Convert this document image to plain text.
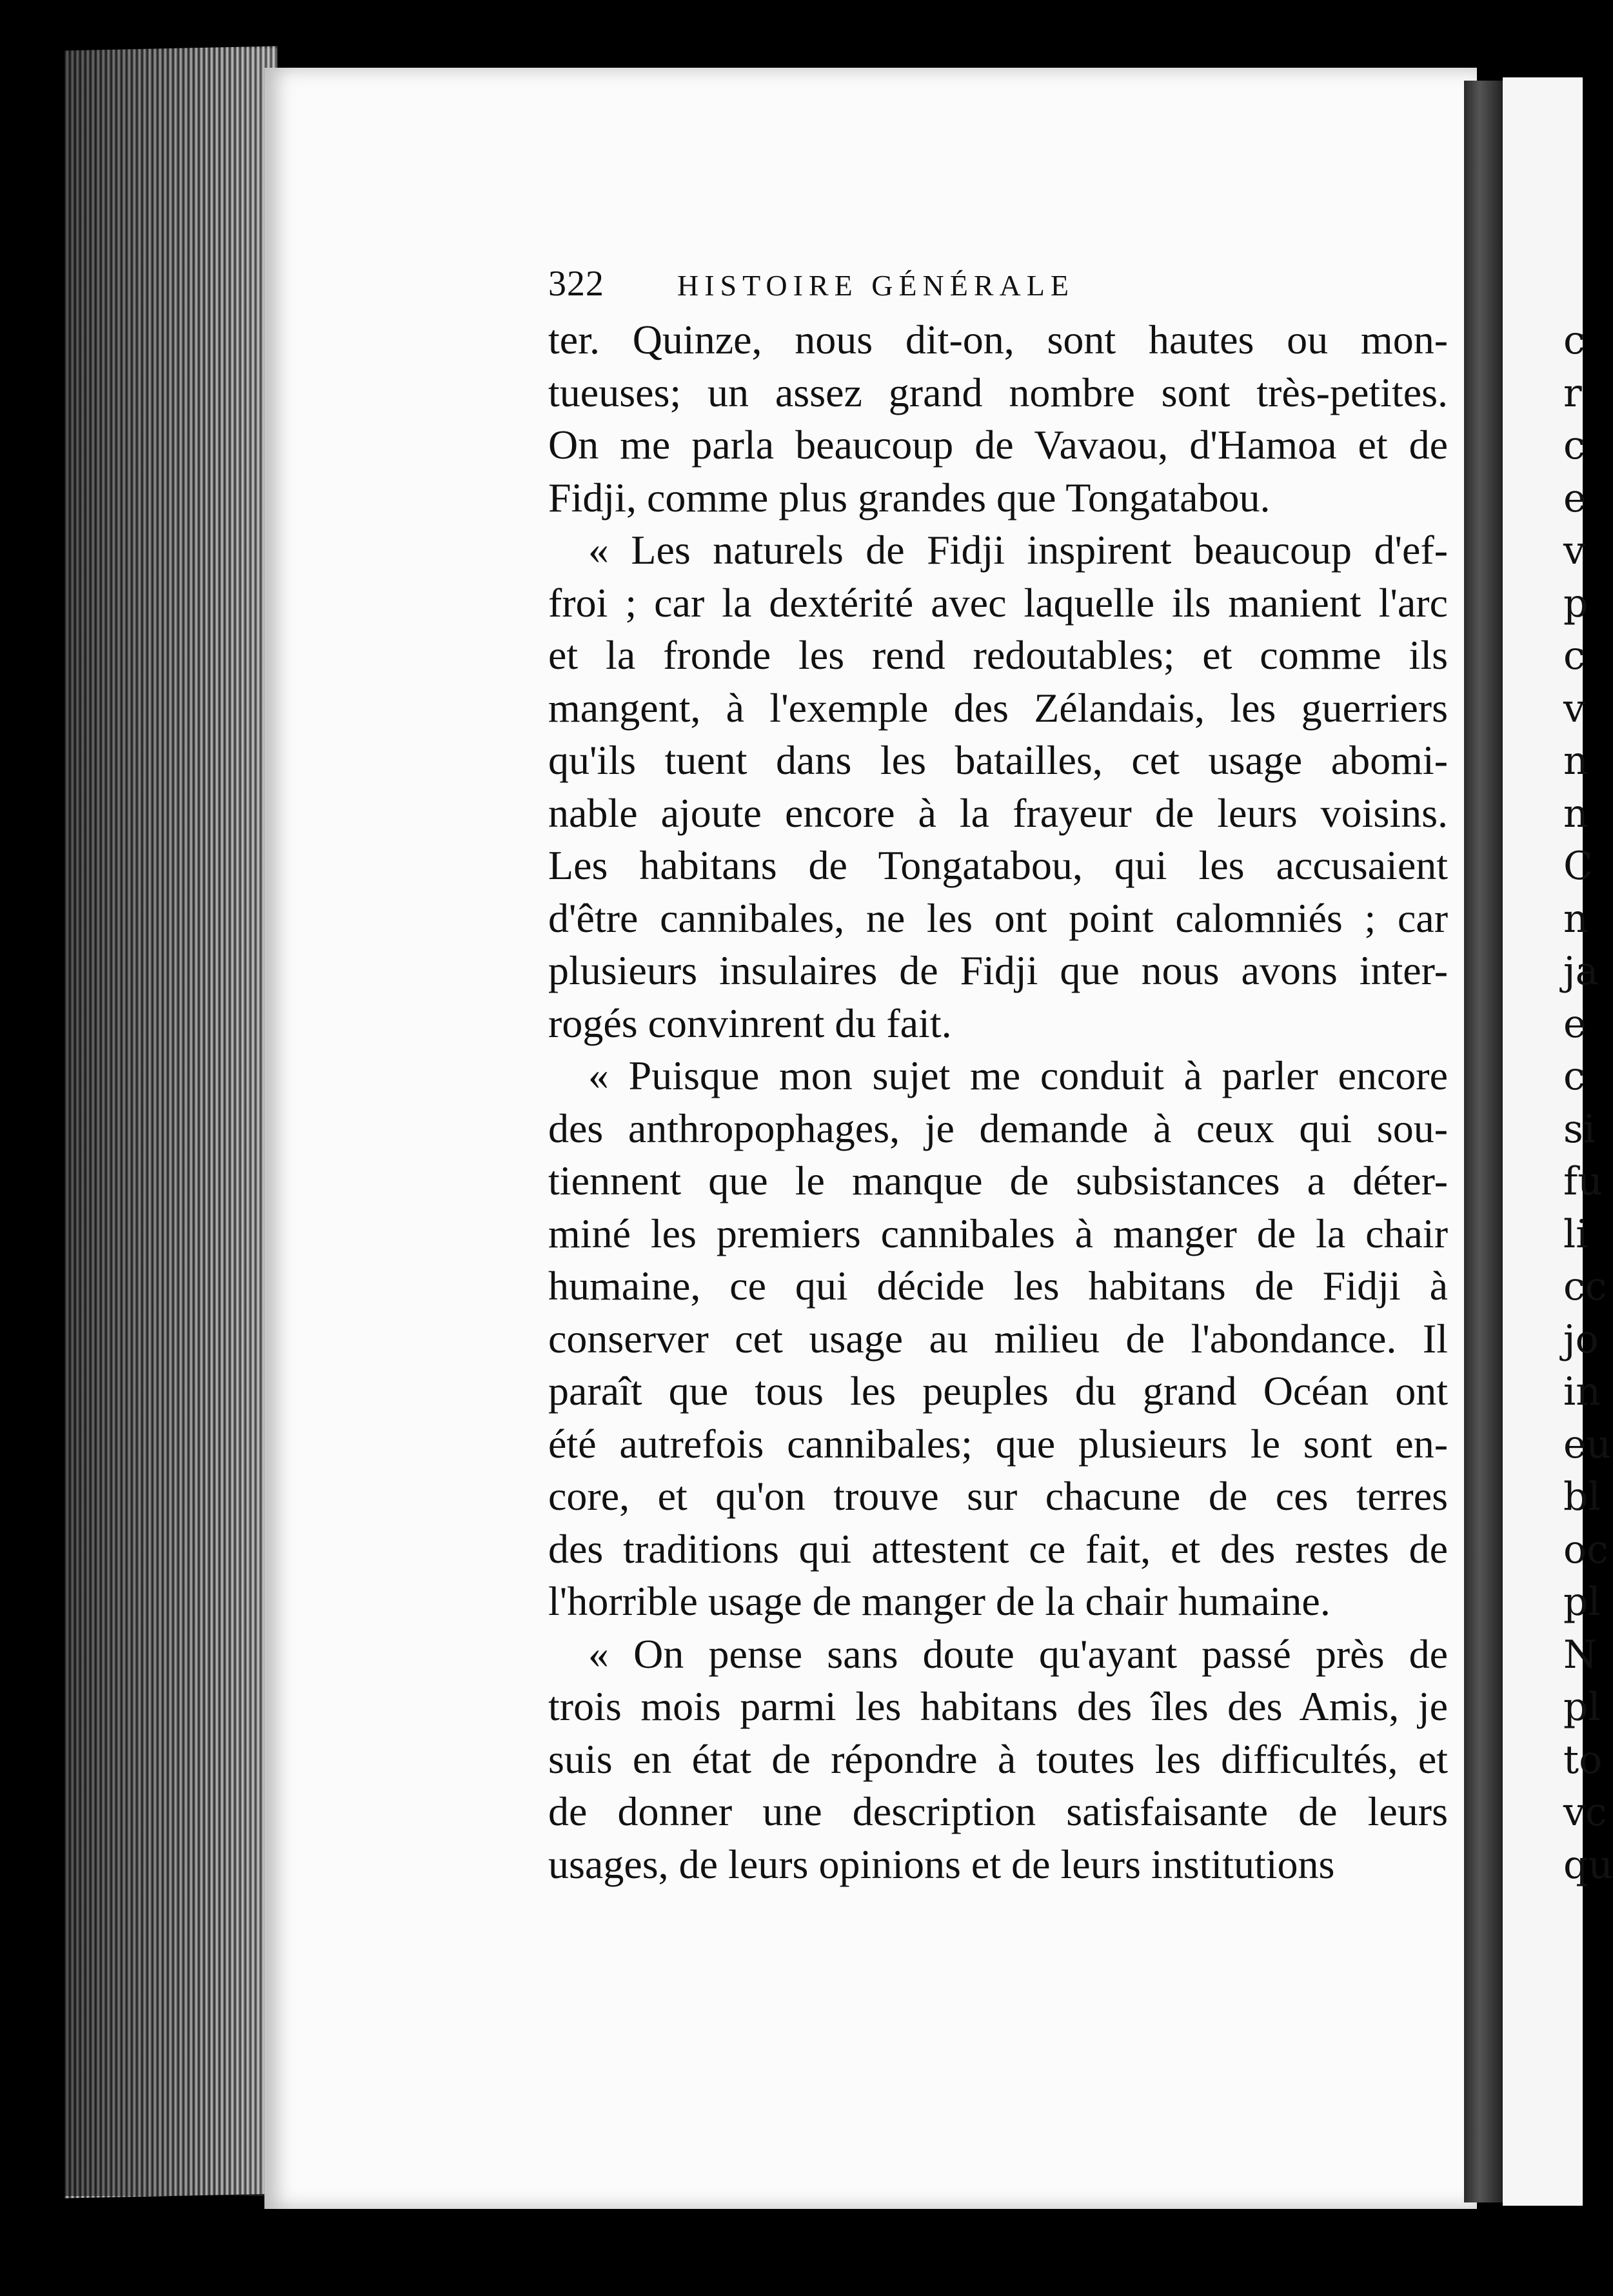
c
r
c
e
v
p
c
v
n
n
C
n
ja
e
c
si
fu
li
cc
jo
in
eu
bl
oc
pl
N
pl
to
vc
qu
322	HISTOIRE GÉNÉRALE
ter. Quinze, nous dit-on, sont hautes ou mon-
tueuses; un assez grand nombre sont très-petites.
On me parla beaucoup de Vavaou, d'Hamoa et de
Fidji, comme plus grandes que Tongatabou.
« Les naturels de Fidji inspirent beaucoup d'ef-
froi ; car la dextérité avec laquelle ils manient l'arc
et la fronde les rend redoutables; et comme ils
mangent, à l'exemple des Zélandais, les guerriers
qu'ils tuent dans les batailles, cet usage abomi-
nable ajoute encore à la frayeur de leurs voisins.
Les habitans de Tongatabou, qui les accusaient
d'être cannibales, ne les ont point calomniés ; car
plusieurs insulaires de Fidji que nous avons inter-
rogés convinrent du fait.
« Puisque mon sujet me conduit à parler encore
des anthropophages, je demande à ceux qui sou-
tiennent que le manque de subsistances a déter-
miné les premiers cannibales à manger de la chair
humaine, ce qui décide les habitans de Fidji à
conserver cet usage au milieu de l'abondance. Il
paraît que tous les peuples du grand Océan ont
été autrefois cannibales; que plusieurs le sont en-
core, et qu'on trouve sur chacune de ces terres
des traditions qui attestent ce fait, et des restes de
l'horrible usage de manger de la chair humaine.
« On pense sans doute qu'ayant passé près de
trois mois parmi les habitans des îles des Amis, je
suis en état de répondre à toutes les difficultés, et
de donner une description satisfaisante de leurs
usages, de leurs opinions et de leurs institutions
